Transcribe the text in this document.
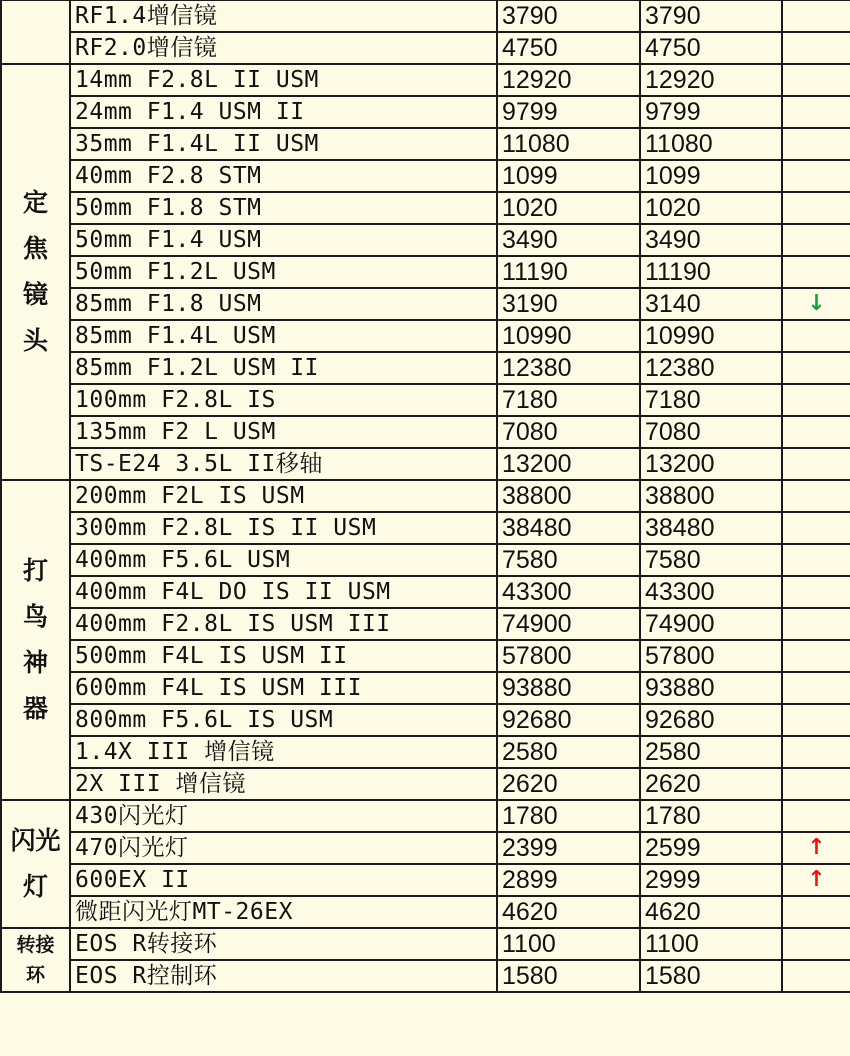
	RF1.4增信镜	3790	3790	
	RF2.0增信镜	4750	4750	
定焦镜头	14mm F2.8L II USM	12920	12920	
	24mm F1.4 USM II	9799	9799	
	35mm F1.4L II USM	11080	11080	
	40mm F2.8 STM	1099	1099	
	50mm F1.8 STM	1020	1020	
	50mm F1.4 USM	3490	3490	
	50mm F1.2L USM	11190	11190	
	85mm F1.8 USM	3190	3140	↓
	85mm F1.4L USM	10990	10990	
	85mm F1.2L USM II	12380	12380	
	100mm F2.8L IS	7180	7180	
	135mm F2 L USM	7080	7080	
	TS-E24 3.5L II移轴	13200	13200	
打鸟神器	200mm F2L IS USM	38800	38800	
	300mm F2.8L IS II USM	38480	38480	
	400mm F5.6L USM	7580	7580	
	400mm F4L DO IS II USM	43300	43300	
	400mm F2.8L IS USM III	74900	74900	
	500mm F4L IS USM II	57800	57800	
	600mm F4L IS USM III	93880	93880	
	800mm F5.6L IS USM	92680	92680	
	1.4X III 增信镜	2580	2580	
	2X III 增信镜	2620	2620	
闪光灯	430闪光灯	1780	1780	
	470闪光灯	2399	2599	↑
	600EX II	2899	2999	↑
	微距闪光灯MT-26EX	4620	4620	
转接环	EOS R转接环	1100	1100	
	EOS R控制环	1580	1580	
